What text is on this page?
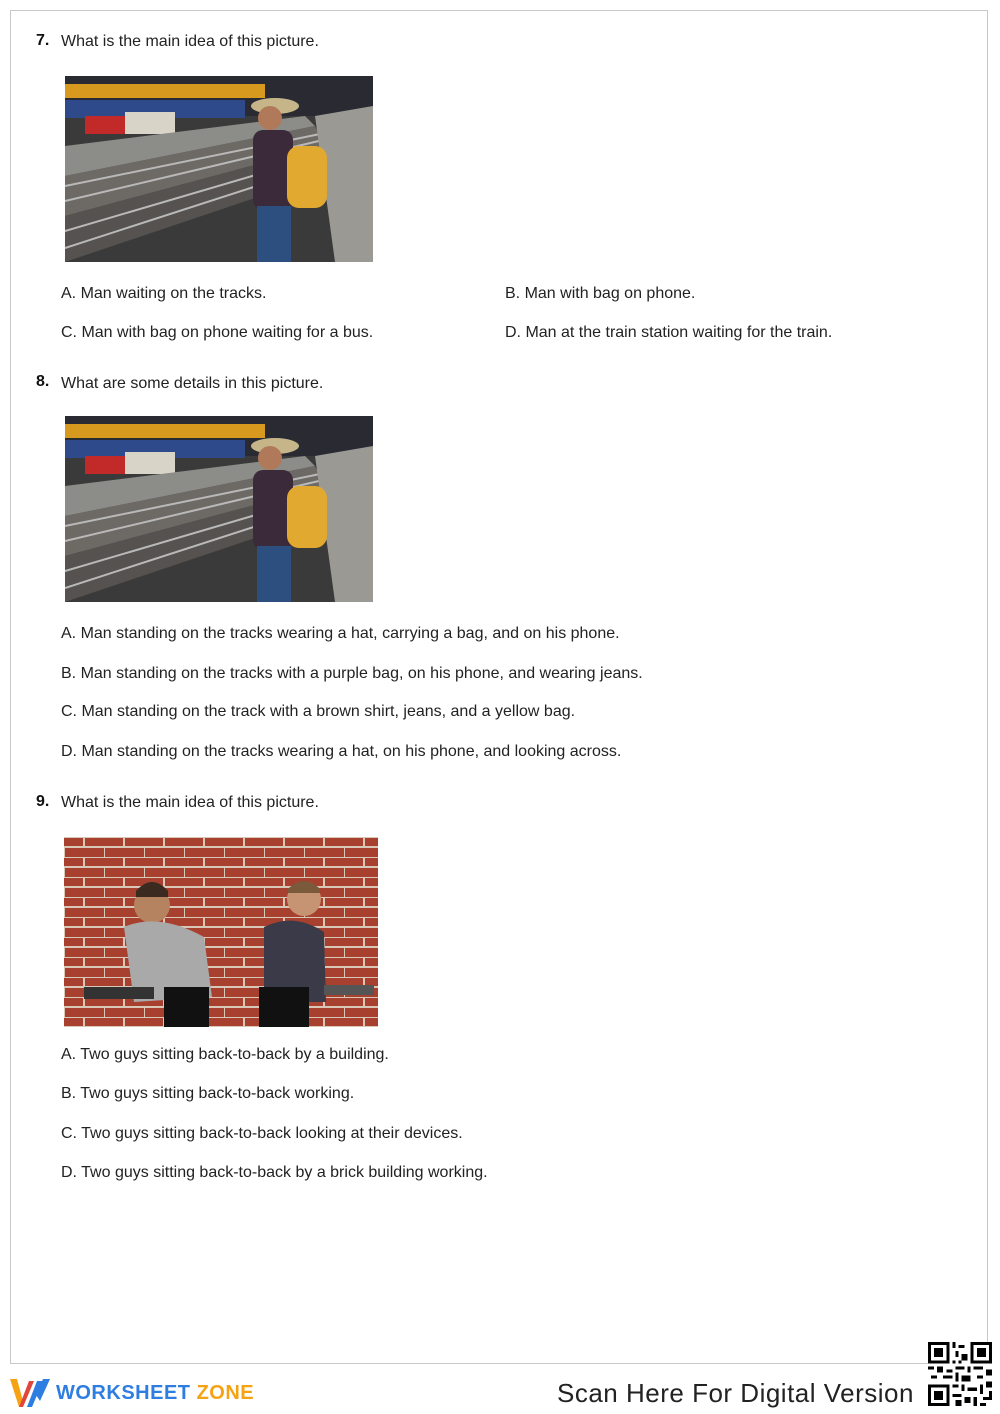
7. What is the main idea of this picture.
A. Man waiting on the tracks.	B. Man with bag on phone.
C. Man with bag on phone waiting for a bus.	D. Man at the train station waiting for the train.
8. What are some details in this picture.
A. Man standing on the tracks wearing a hat, carrying a bag, and on his phone.
B. Man standing on the tracks with a purple bag, on his phone, and wearing jeans.
C. Man standing on the track with a brown shirt, jeans, and a yellow bag.
D. Man standing on the tracks wearing a hat, on his phone, and looking across.
9. What is the main idea of this picture.
A. Two guys sitting back-to-back by a building.
B. Two guys sitting back-to-back working.
C. Two guys sitting back-to-back looking at their devices.
D. Two guys sitting back-to-back by a brick building working.
WORKSHEET ZONE	Scan Here For Digital Version
